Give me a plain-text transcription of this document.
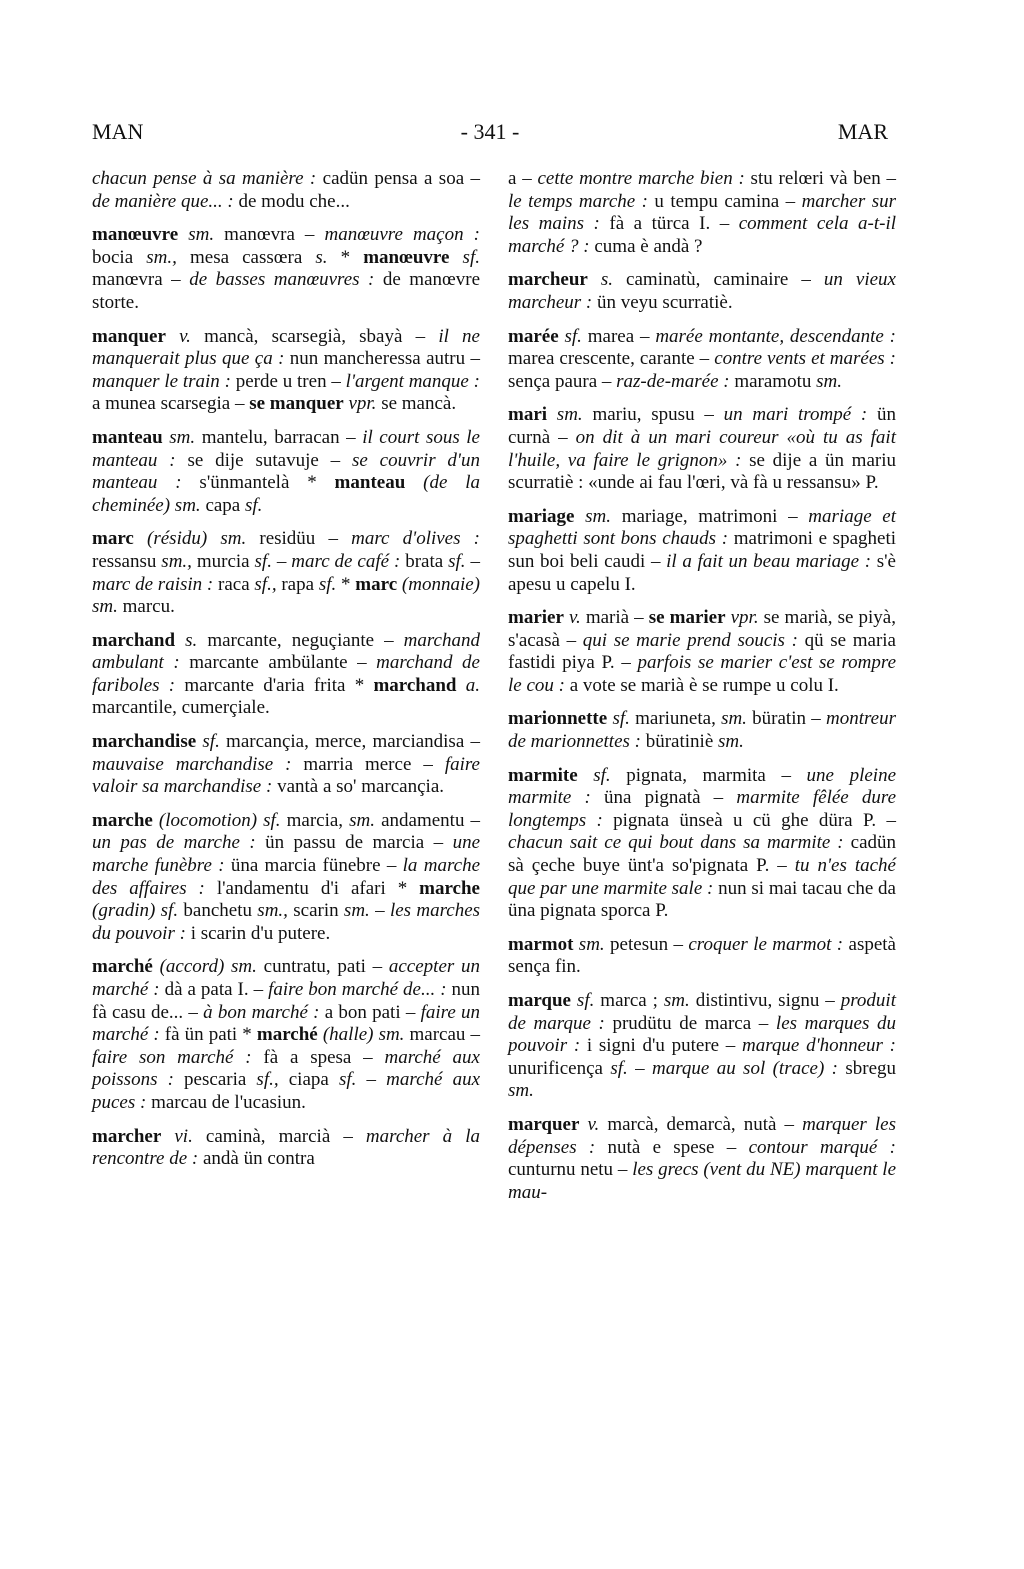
MAN	- 341 -	MAR

chacun pense à sa manière : cadün pensa a soa – de manière que... : de modu che...

manœuvre sm. manœvra – manœuvre maçon : bocia sm., mesa cassœra s. * manœuvre sf. manœvra – de basses manœuvres : de manœvre storte.

manquer v. mancà, scarsegià, sbayà – il ne manquerait plus que ça : nun mancheressa autru – manquer le train : perde u tren – l'argent manque : a munea scarsegia – se manquer vpr. se mancà.

manteau sm. mantelu, barracan – il court sous le manteau : se dije sutavuje – se couvrir d'un manteau : s'ünmantelà * manteau (de la cheminée) sm. capa sf.

marc (résidu) sm. residüu – marc d'olives : ressansu sm., murcia sf. – marc de café : brata sf. – marc de raisin : raca sf., rapa sf. * marc (monnaie) sm. marcu.

marchand s. marcante, neguçiante – marchand ambulant : marcante ambülante – marchand de fariboles : marcante d'aria frita * marchand a. marcantile, cumerçiale.

marchandise sf. marcançia, merce, marciandisa – mauvaise marchandise : marria merce – faire valoir sa marchandise : vantà a so' marcançia.

marche (locomotion) sf. marcia, sm. andamentu – un pas de marche : ün passu de marcia – une marche funèbre : üna marcia fünebre – la marche des affaires : l'andamentu d'i afari * marche (gradin) sf. banchetu sm., scarin sm. – les marches du pouvoir : i scarin d'u putere.

marché (accord) sm. cuntratu, pati – accepter un marché : dà a pata I. – faire bon marché de... : nun fà casu de... – à bon marché : a bon pati – faire un marché : fà ün pati * marché (halle) sm. marcau – faire son marché : fà a spesa – marché aux poissons : pescaria sf., ciapa sf. – marché aux puces : marcau de l'ucasiun.

marcher vi. caminà, marcià – marcher à la rencontre de : andà ün contra

a – cette montre marche bien : stu relœri và ben – le temps marche : u tempu camina – marcher sur les mains : fà a türca I. – comment cela a-t-il marché ? : cuma è andà ?

marcheur s. caminatù, caminaire – un vieux marcheur : ün veyu scurratiè.

marée sf. marea – marée montante, descendante : marea crescente, carante – contre vents et marées : sença paura – raz-de-marée : maramotu sm.

mari sm. mariu, spusu – un mari trompé : ün curnà – on dit à un mari coureur «où tu as fait l'huile, va faire le grignon» : se dije a ün mariu scurratiè : «unde ai fau l'œri, và fà u ressansu» P.

mariage sm. mariage, matrimoni – mariage et spaghetti sont bons chauds : matrimoni e spagheti sun boi beli caudi – il a fait un beau mariage : s'è apesu u capelu I.

marier v. marià – se marier vpr. se marià, se piyà, s'acasà – qui se marie prend soucis : qü se maria fastidi piya P. – parfois se marier c'est se rompre le cou : a vote se marià è se rumpe u colu I.

marionnette sf. mariuneta, sm. büratin – montreur de marionnettes : büratiniè sm.

marmite sf. pignata, marmita – une pleine marmite : üna pignatà – marmite fêlée dure longtemps : pignata ünseà u cü ghe düra P. – chacun sait ce qui bout dans sa marmite : cadün sà çeche buye ünt'a so'pignata P. – tu n'es taché que par une marmite sale : nun si mai tacau che da üna pignata sporca P.

marmot sm. petesun – croquer le marmot : aspetà sença fin.

marque sf. marca ; sm. distintivu, signu – produit de marque : prudütu de marca – les marques du pouvoir : i signi d'u putere – marque d'honneur : unurificença sf. – marque au sol (trace) : sbregu sm.

marquer v. marcà, demarcà, nutà – marquer les dépenses : nutà e spese – contour marqué : cunturnu netu – les grecs (vent du NE) marquent le mau-
